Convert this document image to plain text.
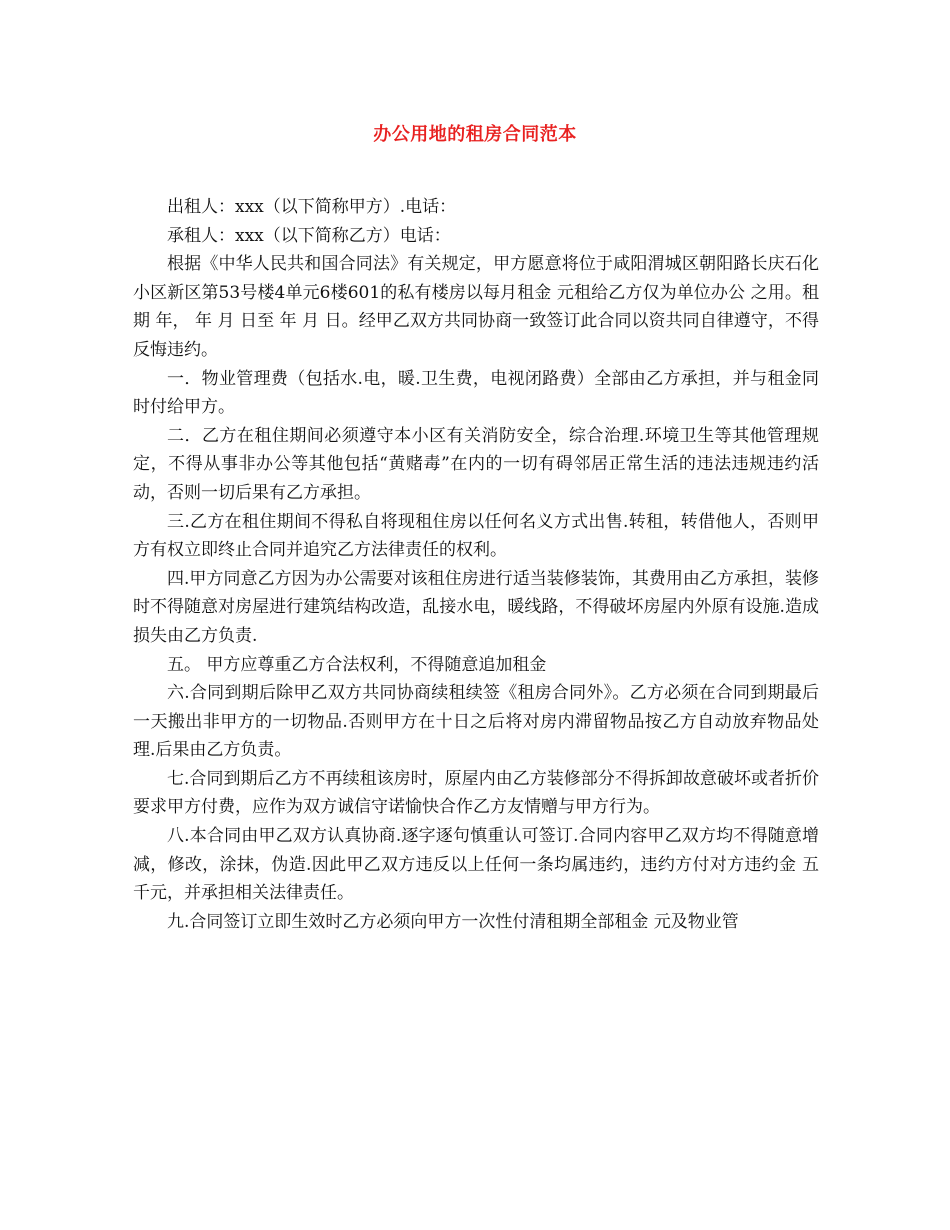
办公用地的租房合同范本

出租人：xxx（以下简称甲方）.电话：

承租人：xxx（以下简称乙方）电话：

根据《中华人民共和国合同法》有关规定，甲方愿意将位于咸阳渭城区朝阳路长庆石化小区新区第53号楼4单元6楼601的私有楼房以每月租金 元租给乙方仅为单位办公 之用。租期 年， 年 月 日至 年 月 日。经甲乙双方共同协商一致签订此合同以资共同自律遵守，不得反悔违约。

一．物业管理费（包括水.电，暖.卫生费，电视闭路费）全部由乙方承担，并与租金同时付给甲方。

二．乙方在租住期间必须遵守本小区有关消防安全，综合治理.环境卫生等其他管理规定，不得从事非办公等其他包括“黄赌毒”在内的一切有碍邻居正常生活的违法违规违约活动，否则一切后果有乙方承担。

三.乙方在租住期间不得私自将现租住房以任何名义方式出售.转租，转借他人，否则甲方有权立即终止合同并追究乙方法律责任的权利。

四.甲方同意乙方因为办公需要对该租住房进行适当装修装饰，其费用由乙方承担，装修时不得随意对房屋进行建筑结构改造，乱接水电，暖线路，不得破坏房屋内外原有设施.造成损失由乙方负责.

五。 甲方应尊重乙方合法权利，不得随意追加租金

六.合同到期后除甲乙双方共同协商续租续签《租房合同外》。乙方必须在合同到期最后一天搬出非甲方的一切物品.否则甲方在十日之后将对房内滞留物品按乙方自动放弃物品处理.后果由乙方负责。

七.合同到期后乙方不再续租该房时，原屋内由乙方装修部分不得拆卸故意破坏或者折价要求甲方付费，应作为双方诚信守诺愉快合作乙方友情赠与甲方行为。

八.本合同由甲乙双方认真协商.逐字逐句慎重认可签订.合同内容甲乙双方均不得随意增减，修改，涂抹，伪造.因此甲乙双方违反以上任何一条均属违约，违约方付对方违约金 五千元，并承担相关法律责任。

九.合同签订立即生效时乙方必须向甲方一次性付清租期全部租金 元及物业管
